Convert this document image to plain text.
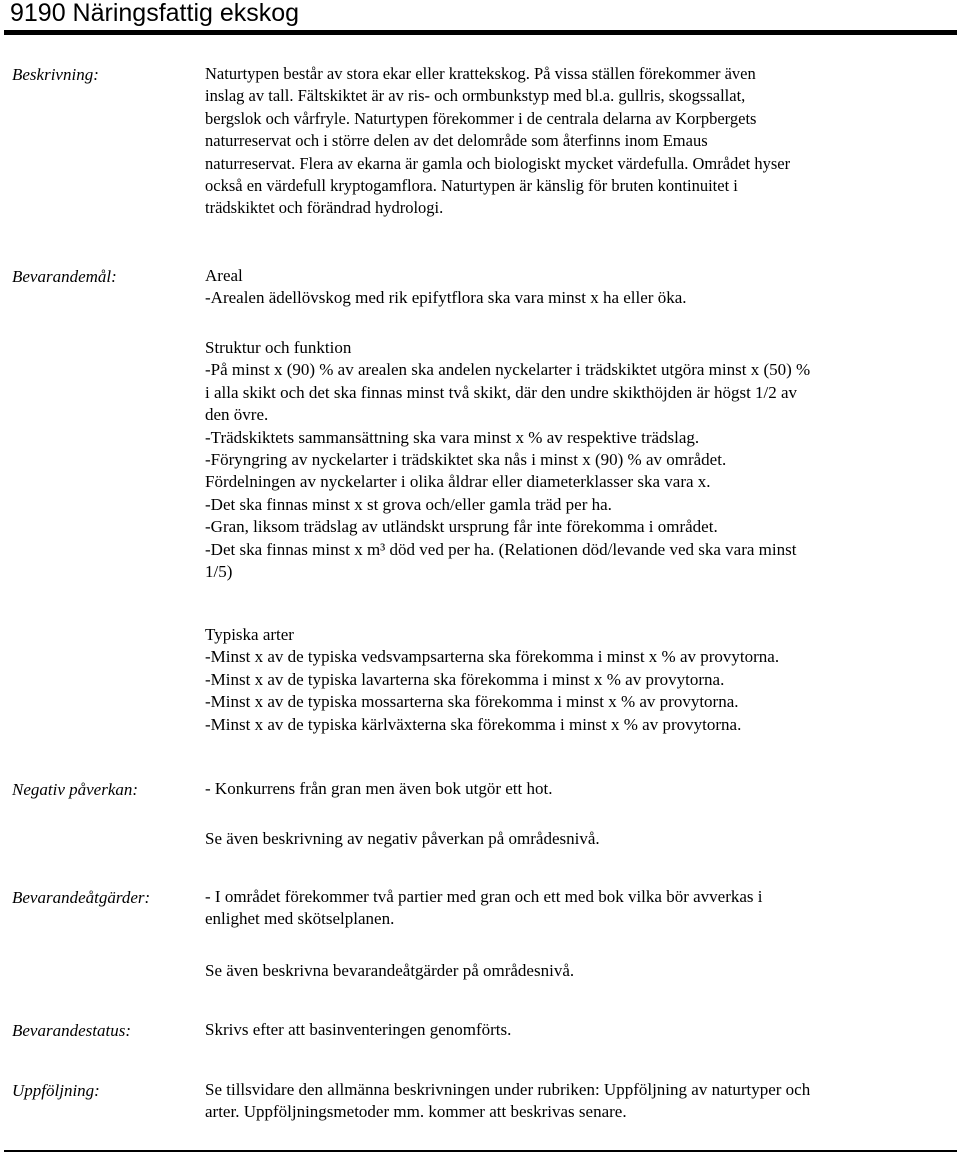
9190 Näringsfattig ekskog
Beskrivning:	Naturtypen består av stora ekar eller krattekskog. På vissa ställen förekommer även
inslag av tall. Fältskiktet är av ris- och ormbunkstyp med bl.a. gullris, skogssallat,
bergslok och vårfryle. Naturtypen förekommer i de centrala delarna av Korpbergets
naturreservat och i större delen av det delområde som återfinns inom Emaus
naturreservat. Flera av ekarna är gamla och biologiskt mycket värdefulla. Området hyser
också en värdefull kryptogamflora. Naturtypen är känslig för bruten kontinuitet i
trädskiktet och förändrad hydrologi.
Bevarandemål:	Areal
-Arealen ädellövskog med rik epifytflora ska vara minst x ha eller öka.
Struktur och funktion
-På minst x (90) % av arealen ska andelen nyckelarter i trädskiktet utgöra minst x (50) %
i alla skikt och det ska finnas minst två skikt, där den undre skikthöjden är högst 1/2 av
den övre.
-Trädskiktets sammansättning ska vara minst x % av respektive trädslag.
-Föryngring av nyckelarter i trädskiktet ska nås i minst x (90) % av området.
Fördelningen av nyckelarter i olika åldrar eller diameterklasser ska vara x.
-Det ska finnas minst x st grova och/eller gamla träd per ha.
-Gran, liksom trädslag av utländskt ursprung får inte förekomma i området.
-Det ska finnas minst x m³ död ved per ha. (Relationen död/levande ved ska vara minst
1/5)
Typiska arter
-Minst x av de typiska vedsvampsarterna ska förekomma i minst x % av provytorna.
-Minst x av de typiska lavarterna ska förekomma i minst x % av provytorna.
-Minst x av de typiska mossarterna ska förekomma i minst x % av provytorna.
-Minst x av de typiska kärlväxterna ska förekomma i minst x % av provytorna.
Negativ påverkan:	- Konkurrens från gran men även bok utgör ett hot.
Se även beskrivning av negativ påverkan på områdesnivå.
Bevarandeåtgärder:	- I området förekommer två partier med gran och ett med bok vilka bör avverkas i
enlighet med skötselplanen.
Se även beskrivna bevarandeåtgärder på områdesnivå.
Bevarandestatus:	Skrivs efter att basinventeringen genomförts.
Uppföljning:	Se tillsvidare den allmänna beskrivningen under rubriken: Uppföljning av naturtyper och
arter. Uppföljningsmetoder mm. kommer att beskrivas senare.
